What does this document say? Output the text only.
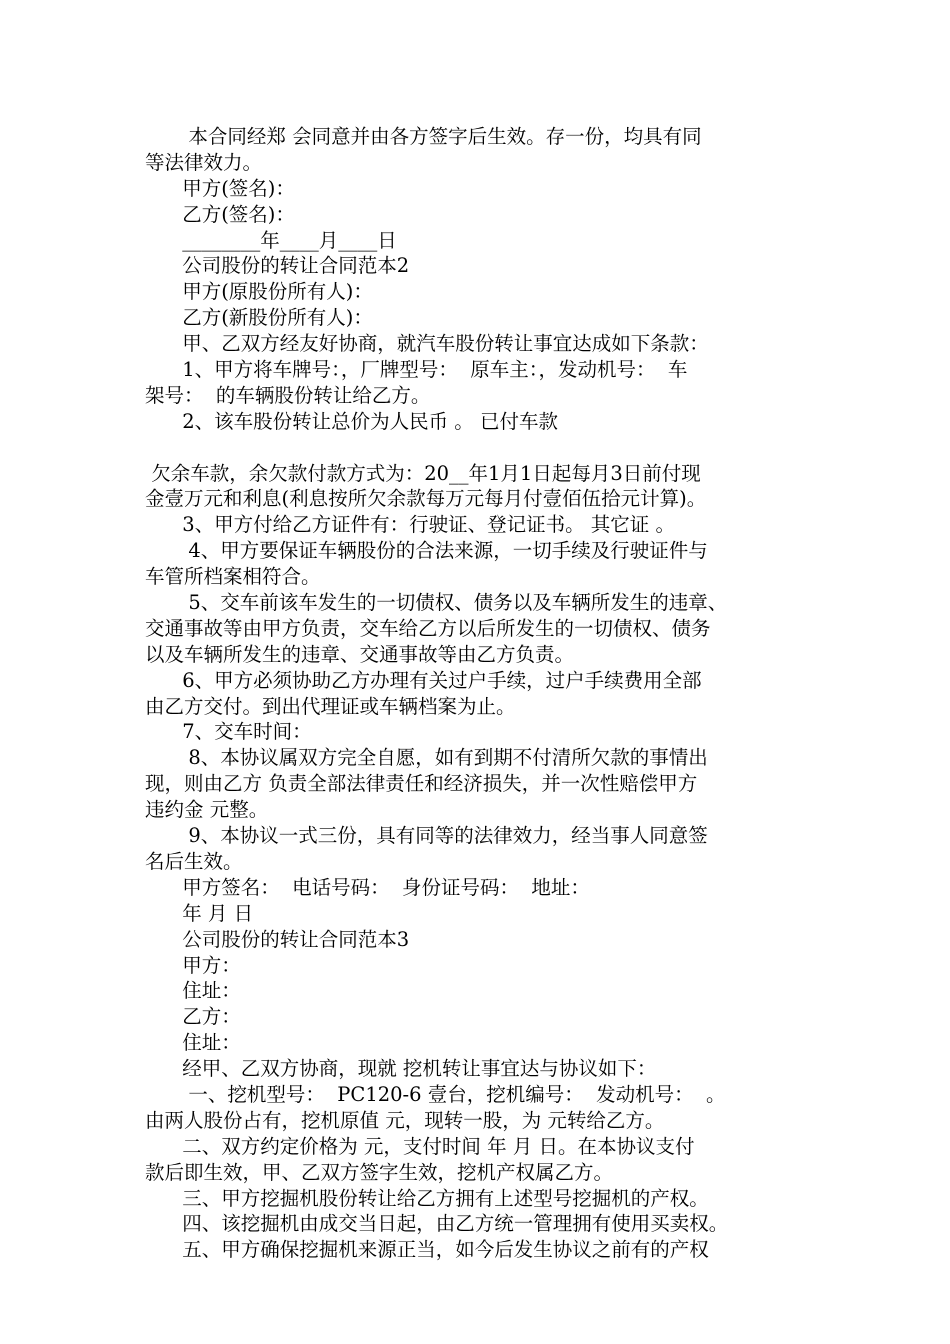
本合同经郑 会同意并由各方签字后生效。存一份，均具有同
等法律效力。
甲方(签名)：
乙方(签名)：
________年____月____日
公司股份的转让合同范本2
甲方(原股份所有人)：
乙方(新股份所有人)：
甲、乙双方经友好协商，就汽车股份转让事宜达成如下条款：
1、甲方将车牌号：，厂牌型号：  原车主：，发动机号：  车
架号：  的车辆股份转让给乙方。
2、该车股份转让总价为人民币 。 已付车款
欠余车款，余欠款付款方式为：20__年1月1日起每月3日前付现
金壹万元和利息(利息按所欠余款每万元每月付壹佰伍拾元计算)。
3、甲方付给乙方证件有：行驶证、登记证书。 其它证 。
4、甲方要保证车辆股份的合法来源，一切手续及行驶证件与
车管所档案相符合。
5、交车前该车发生的一切债权、债务以及车辆所发生的违章、
交通事故等由甲方负责，交车给乙方以后所发生的一切债权、债务
以及车辆所发生的违章、交通事故等由乙方负责。
6、甲方必须协助乙方办理有关过户手续，过户手续费用全部
由乙方交付。到出代理证或车辆档案为止。
7、交车时间：
8、本协议属双方完全自愿，如有到期不付清所欠款的事情出
现，则由乙方 负责全部法律责任和经济损失，并一次性赔偿甲方
违约金 元整。
9、本协议一式三份，具有同等的法律效力，经当事人同意签
名后生效。
甲方签名：  电话号码：  身份证号码：  地址：
年 月 日
公司股份的转让合同范本3
甲方：
住址：
乙方：
住址：
经甲、乙双方协商，现就 挖机转让事宜达与协议如下：
一、挖机型号：  PC120-6 壹台，挖机编号：  发动机号：  。
由两人股份占有，挖机原值 元，现转一股，为 元转给乙方。
二、双方约定价格为 元，支付时间 年 月 日。在本协议支付
款后即生效，甲、乙双方签字生效，挖机产权属乙方。
三、甲方挖掘机股份转让给乙方拥有上述型号挖掘机的产权。
四、该挖掘机由成交当日起，由乙方统一管理拥有使用买卖权。
五、甲方确保挖掘机来源正当，如今后发生协议之前有的产权
